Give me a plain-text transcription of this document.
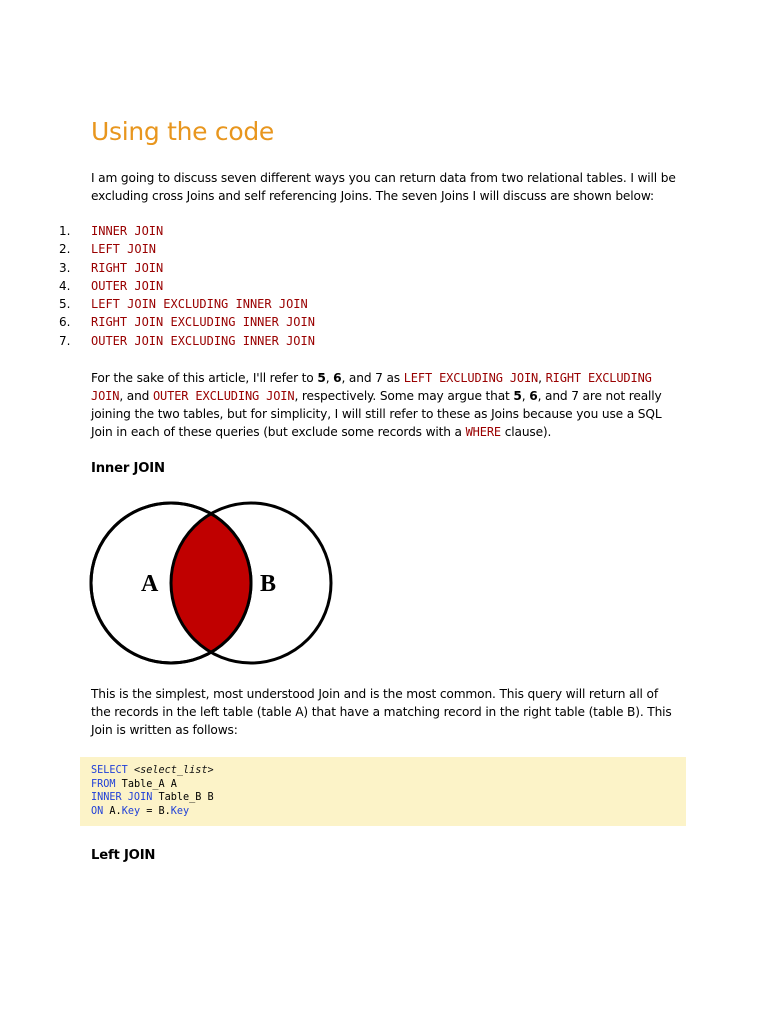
Using the code

I am going to discuss seven different ways you can return data from two relational tables. I will be excluding cross Joins and self referencing Joins. The seven Joins I will discuss are shown below:

1. INNER JOIN
2. LEFT JOIN
3. RIGHT JOIN
4. OUTER JOIN
5. LEFT JOIN EXCLUDING INNER JOIN
6. RIGHT JOIN EXCLUDING INNER JOIN
7. OUTER JOIN EXCLUDING INNER JOIN

For the sake of this article, I'll refer to 5, 6, and 7 as LEFT EXCLUDING JOIN, RIGHT EXCLUDING JOIN, and OUTER EXCLUDING JOIN, respectively. Some may argue that 5, 6, and 7 are not really joining the two tables, but for simplicity, I will still refer to these as Joins because you use a SQL Join in each of these queries (but exclude some records with a WHERE clause).

Inner JOIN
A	B

This is the simplest, most understood Join and is the most common. This query will return all of the records in the left table (table A) that have a matching record in the right table (table B). This Join is written as follows:

SELECT <select_list>
FROM Table_A A
INNER JOIN Table_B B
ON A.Key = B.Key
Left JOIN
